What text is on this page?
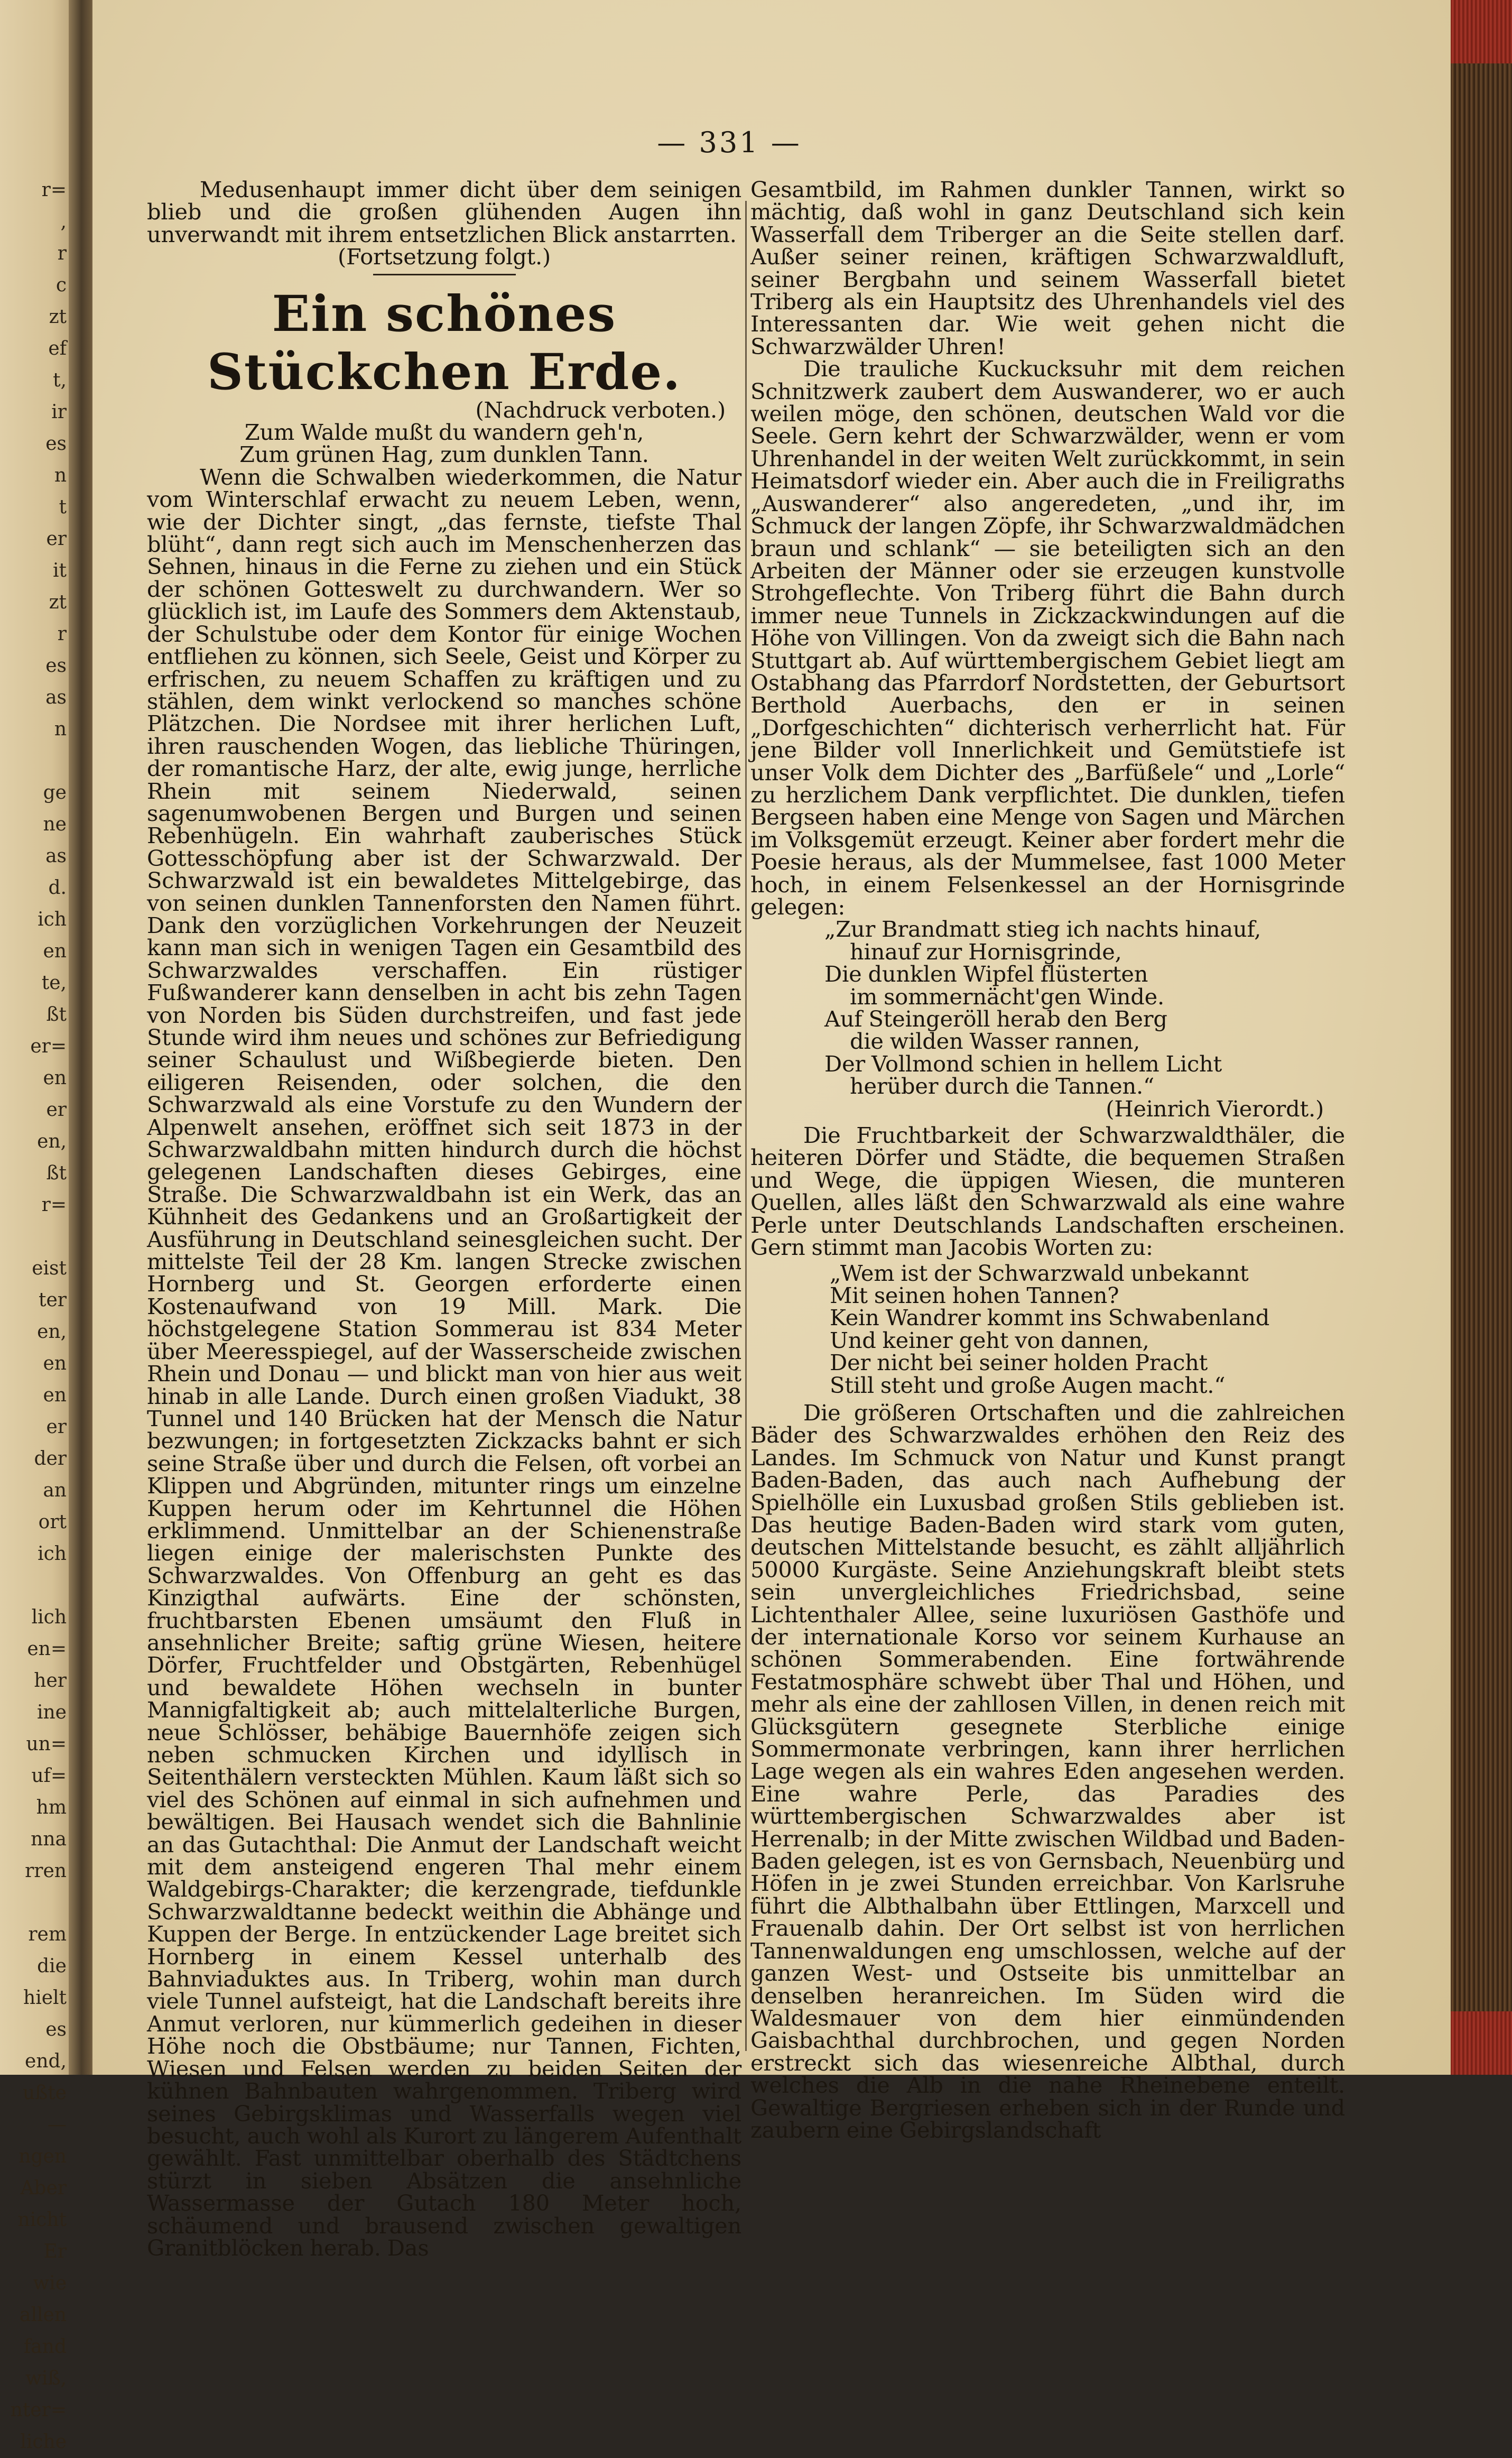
r=
,
r
c
zt
ef
t,
ir
es
n
t
er
it
zt
r
es
as
n

ge
ne
as
d.
ich
en
te,
ßt
er=
en
er
en,
ßt
r=

eist
ter
en,
en
en
er
der
an
ort
ich

lich
en=
her
ine
un=
uf=
hm
nna
rren

rem
die
hielt
es
end,
ußte
—
ngen
Aber
nicht
Er
wie
allen
fand
wiß,
nter=
liche
— 331 —

Medusenhaupt immer dicht über dem seinigen blieb und die großen glühenden Augen ihn unverwandt mit ihrem entsetzlichen Blick anstarrten.

(Fortsetzung folgt.)
Ein schönes Stückchen Erde.
(Nachdruck verboten.)
Zum Walde mußt du wandern geh'n,
Zum grünen Hag, zum dunklen Tann.

Wenn die Schwalben wiederkommen, die Natur vom Winterschlaf erwacht zu neuem Leben, wenn, wie der Dichter singt, „das fernste, tiefste Thal blüht“, dann regt sich auch im Menschenherzen das Sehnen, hinaus in die Ferne zu ziehen und ein Stück der schönen Gotteswelt zu durchwandern. Wer so glücklich ist, im Laufe des Sommers dem Aktenstaub, der Schulstube oder dem Kontor für einige Wochen entfliehen zu können, sich Seele, Geist und Körper zu erfrischen, zu neuem Schaffen zu kräftigen und zu stählen, dem winkt verlockend so manches schöne Plätzchen. Die Nordsee mit ihrer herlichen Luft, ihren rauschenden Wogen, das liebliche Thüringen, der romantische Harz, der alte, ewig junge, herrliche Rhein mit seinem Niederwald, seinen sagenumwobenen Bergen und Burgen und seinen Rebenhügeln. Ein wahrhaft zauberisches Stück Gottesschöpfung aber ist der Schwarzwald. Der Schwarzwald ist ein bewaldetes Mittelgebirge, das von seinen dunklen Tannenforsten den Namen führt. Dank den vorzüglichen Vorkehrungen der Neuzeit kann man sich in wenigen Tagen ein Gesamtbild des Schwarzwaldes verschaffen. Ein rüstiger Fußwanderer kann denselben in acht bis zehn Tagen von Norden bis Süden durchstreifen, und fast jede Stunde wird ihm neues und schönes zur Befriedigung seiner Schaulust und Wißbegierde bieten. Den eiligeren Reisenden, oder solchen, die den Schwarzwald als eine Vorstufe zu den Wundern der Alpenwelt ansehen, eröffnet sich seit 1873 in der Schwarzwaldbahn mitten hindurch durch die höchst gelegenen Landschaften dieses Gebirges, eine Straße. Die Schwarzwaldbahn ist ein Werk, das an Kühnheit des Gedankens und an Großartigkeit der Ausführung in Deutschland seinesgleichen sucht. Der mittelste Teil der 28 Km. langen Strecke zwischen Hornberg und St. Georgen erforderte einen Kostenaufwand von 19 Mill. Mark. Die höchstgelegene Station Sommerau ist 834 Meter über Meeresspiegel, auf der Wasserscheide zwischen Rhein und Donau — und blickt man von hier aus weit hinab in alle Lande. Durch einen großen Viadukt, 38 Tunnel und 140 Brücken hat der Mensch die Natur bezwungen; in fortgesetzten Zickzacks bahnt er sich seine Straße über und durch die Felsen, oft vorbei an Klippen und Abgründen, mitunter rings um einzelne Kuppen herum oder im Kehrtunnel die Höhen erklimmend. Unmittelbar an der Schienenstraße liegen einige der malerischsten Punkte des Schwarzwaldes. Von Offenburg an geht es das Kinzigthal aufwärts. Eine der schönsten, fruchtbarsten Ebenen umsäumt den Fluß in ansehnlicher Breite; saftig grüne Wiesen, heitere Dörfer, Fruchtfelder und Obstgärten, Rebenhügel und bewaldete Höhen wechseln in bunter Mannigfaltigkeit ab; auch mittelalterliche Burgen, neue Schlösser, behäbige Bauernhöfe zeigen sich neben schmucken Kirchen und idyllisch in Seitenthälern versteckten Mühlen. Kaum läßt sich so viel des Schönen auf einmal in sich aufnehmen und bewältigen. Bei Hausach wendet sich die Bahnlinie an das Gutachthal: Die Anmut der Landschaft weicht mit dem ansteigend engeren Thal mehr einem Waldgebirgs-Charakter; die kerzengrade, tiefdunkle Schwarzwaldtanne bedeckt weithin die Abhänge und Kuppen der Berge. In entzückender Lage breitet sich Hornberg in einem Kessel unterhalb des Bahnviaduktes aus. In Triberg, wohin man durch viele Tunnel aufsteigt, hat die Landschaft bereits ihre Anmut verloren, nur kümmerlich gedeihen in dieser Höhe noch die Obstbäume; nur Tannen, Fichten, Wiesen und Felsen werden zu beiden Seiten der kühnen Bahnbauten wahrgenommen. Triberg wird seines Gebirgsklimas und Wasserfalls wegen viel besucht, auch wohl als Kurort zu längerem Aufenthalt gewählt. Fast unmittelbar oberhalb des Städtchens stürzt in sieben Absätzen die ansehnliche Wassermasse der Gutach 180 Meter hoch, schäumend und brausend zwischen gewaltigen Granitblöcken herab. Das

Gesamtbild, im Rahmen dunkler Tannen, wirkt so mächtig, daß wohl in ganz Deutschland sich kein Wasserfall dem Triberger an die Seite stellen darf. Außer seiner reinen, kräftigen Schwarzwaldluft, seiner Bergbahn und seinem Wasserfall bietet Triberg als ein Hauptsitz des Uhrenhandels viel des Interessanten dar. Wie weit gehen nicht die Schwarzwälder Uhren!

Die trauliche Kuckucksuhr mit dem reichen Schnitzwerk zaubert dem Auswanderer, wo er auch weilen möge, den schönen, deutschen Wald vor die Seele. Gern kehrt der Schwarzwälder, wenn er vom Uhrenhandel in der weiten Welt zurückkommt, in sein Heimatsdorf wieder ein. Aber auch die in Freiligraths „Auswanderer“ also angeredeten, „und ihr, im Schmuck der langen Zöpfe, ihr Schwarzwaldmädchen braun und schlank“ — sie beteiligten sich an den Arbeiten der Männer oder sie erzeugen kunstvolle Strohgeflechte. Von Triberg führt die Bahn durch immer neue Tunnels in Zickzackwindungen auf die Höhe von Villingen. Von da zweigt sich die Bahn nach Stuttgart ab. Auf württembergischem Gebiet liegt am Ostabhang das Pfarrdorf Nordstetten, der Geburtsort Berthold Auerbachs, den er in seinen „Dorfgeschichten“ dichterisch verherrlicht hat. Für jene Bilder voll Innerlichkeit und Gemütstiefe ist unser Volk dem Dichter des „Barfüßele“ und „Lorle“ zu herzlichem Dank verpflichtet. Die dunklen, tiefen Bergseen haben eine Menge von Sagen und Märchen im Volksgemüt erzeugt. Keiner aber fordert mehr die Poesie heraus, als der Mummelsee, fast 1000 Meter hoch, in einem Felsenkessel an der Hornisgrinde gelegen:

„Zur Brandmatt stieg ich nachts hinauf,
hinauf zur Hornisgrinde,
Die dunklen Wipfel flüsterten
im sommernächt'gen Winde.
Auf Steingeröll herab den Berg
die wilden Wasser rannen,
Der Vollmond schien in hellem Licht
herüber durch die Tannen.“
(Heinrich Vierordt.)

Die Fruchtbarkeit der Schwarzwaldthäler, die heiteren Dörfer und Städte, die bequemen Straßen und Wege, die üppigen Wiesen, die munteren Quellen, alles läßt den Schwarzwald als eine wahre Perle unter Deutschlands Landschaften erscheinen. Gern stimmt man Jacobis Worten zu:

„Wem ist der Schwarzwald unbekannt
Mit seinen hohen Tannen?
Kein Wandrer kommt ins Schwabenland
Und keiner geht von dannen,
Der nicht bei seiner holden Pracht
Still steht und große Augen macht.“

Die größeren Ortschaften und die zahlreichen Bäder des Schwarzwaldes erhöhen den Reiz des Landes. Im Schmuck von Natur und Kunst prangt Baden-Baden, das auch nach Aufhebung der Spielhölle ein Luxusbad großen Stils geblieben ist. Das heutige Baden-Baden wird stark vom guten, deutschen Mittelstande besucht, es zählt alljährlich 50000 Kurgäste. Seine Anziehungskraft bleibt stets sein unvergleichliches Friedrichsbad, seine Lichtenthaler Allee, seine luxuriösen Gasthöfe und der internationale Korso vor seinem Kurhause an schönen Sommerabenden. Eine fortwährende Festatmosphäre schwebt über Thal und Höhen, und mehr als eine der zahllosen Villen, in denen reich mit Glücksgütern gesegnete Sterbliche einige Sommermonate verbringen, kann ihrer herrlichen Lage wegen als ein wahres Eden angesehen werden. Eine wahre Perle, das Paradies des württembergischen Schwarzwaldes aber ist Herrenalb; in der Mitte zwischen Wildbad und Baden-Baden gelegen, ist es von Gernsbach, Neuenbürg und Höfen in je zwei Stunden erreichbar. Von Karlsruhe führt die Albthalbahn über Ettlingen, Marxcell und Frauenalb dahin. Der Ort selbst ist von herrlichen Tannenwaldungen eng umschlossen, welche auf der ganzen West- und Ostseite bis unmittelbar an denselben heranreichen. Im Süden wird die Waldesmauer von dem hier einmündenden Gaisbachthal durchbrochen, und gegen Norden erstreckt sich das wiesenreiche Albthal, durch welches die Alb in die nahe Rheinebene enteilt. Gewaltige Bergriesen erheben sich in der Runde und zaubern eine Gebirgslandschaft
